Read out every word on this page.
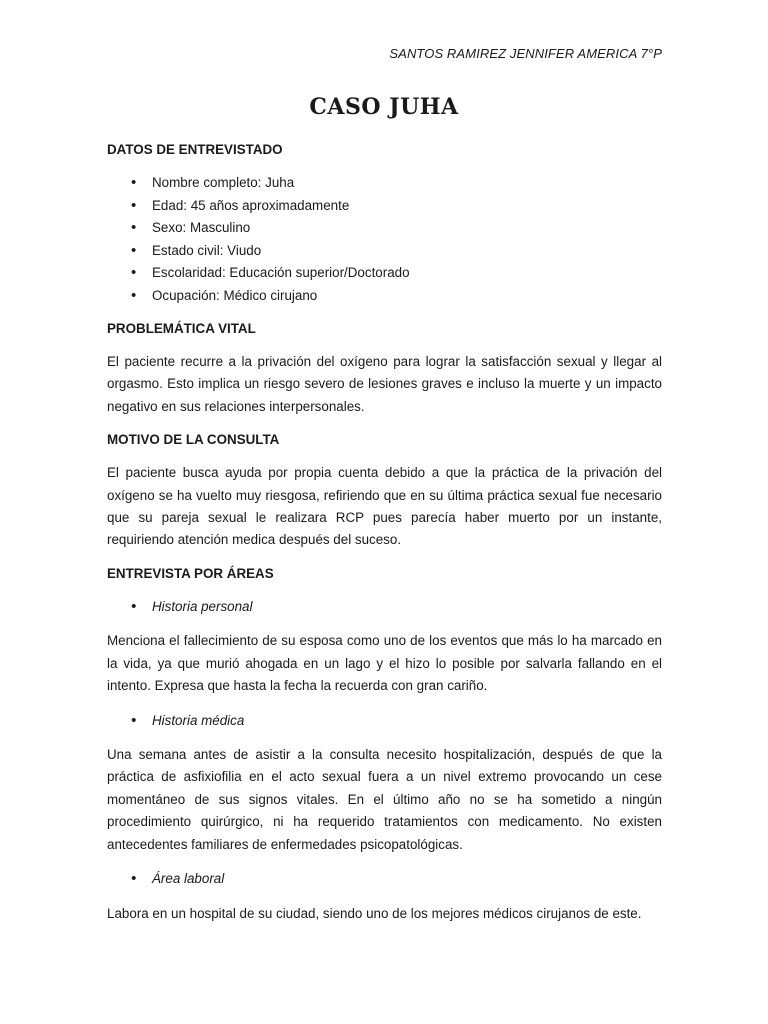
SANTOS RAMIREZ JENNIFER AMERICA 7°P
CASO JUHA
DATOS DE ENTREVISTADO
• Nombre completo: Juha
• Edad: 45 años aproximadamente
• Sexo: Masculino
• Estado civil: Viudo
• Escolaridad: Educación superior/Doctorado
• Ocupación: Médico cirujano
PROBLEMÁTICA VITAL

El paciente recurre a la privación del oxígeno para lograr la satisfacción sexual y llegar al orgasmo. Esto implica un riesgo severo de lesiones graves e incluso la muerte y un impacto negativo en sus relaciones interpersonales.

MOTIVO DE LA CONSULTA

El paciente busca ayuda por propia cuenta debido a que la práctica de la privación del oxígeno se ha vuelto muy riesgosa, refiriendo que en su última práctica sexual fue necesario que su pareja sexual le realizara RCP pues parecía haber muerto por un instante, requiriendo atención medica después del suceso.

ENTREVISTA POR ÁREAS
• Historia personal

Menciona el fallecimiento de su esposa como uno de los eventos que más lo ha marcado en la vida, ya que murió ahogada en un lago y el hizo lo posible por salvarla fallando en el intento. Expresa que hasta la fecha la recuerda con gran cariño.

• Historia médica

Una semana antes de asistir a la consulta necesito hospitalización, después de que la práctica de asfixiofilia en el acto sexual fuera a un nivel extremo provocando un cese momentáneo de sus signos vitales. En el último año no se ha sometido a ningún procedimiento quirúrgico, ni ha requerido tratamientos con medicamento. No existen antecedentes familiares de enfermedades psicopatológicas.

• Área laboral

Labora en un hospital de su ciudad, siendo uno de los mejores médicos cirujanos de este.
